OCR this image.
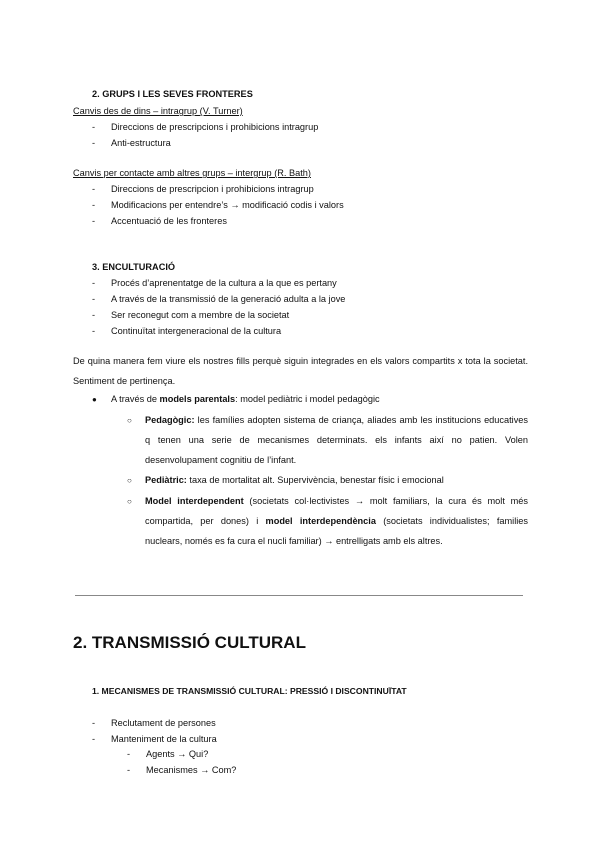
2. GRUPS I LES SEVES FRONTERES
Canvis des de dins – intragrup (V. Turner)
- Direccions de prescripcions i prohibicions intragrup
- Anti-estructura
Canvis per contacte amb altres grups – intergrup (R. Bath)
- Direccions de prescripcion i prohibicions intragrup
- Modificacions per entendre’s → modificació codis i valors
- Accentuació de les fronteres
3. ENCULTURACIÓ
- Procés d’aprenentatge de la cultura a la que es pertany
- A través de la transmissió de la generació adulta a la jove
- Ser reconegut com a membre de la societat
- Continuïtat intergeneracional de la cultura
De quina manera fem viure els nostres fills perquè siguin integrades en els valors compartits x tota la societat. Sentiment de pertinença.
● A través de models parentals: model pediàtric i model pedagògic
○ Pedagògic: les famílies adopten sistema de criança, aliades amb les institucions educatives q tenen una serie de mecanismes determinats. els infants així no patien. Volen desenvolupament cognitiu de l’infant.
○ Pediàtric: taxa de mortalitat alt. Supervivència, benestar físic i emocional
○ Model interdependent (societats col·lectivistes → molt familiars, la cura és molt més compartida, per dones) i model interdependència (societats individualistes; families nuclears, només es fa cura el nucli familiar) → entrelligats amb els altres.
2. TRANSMISSIÓ CULTURAL
1. MECANISMES DE TRANSMISSIÓ CULTURAL: PRESSIÓ I DISCONTINUÏTAT
- Reclutament de persones
- Manteniment de la cultura
- Agents → Qui?
- Mecanismes → Com?
